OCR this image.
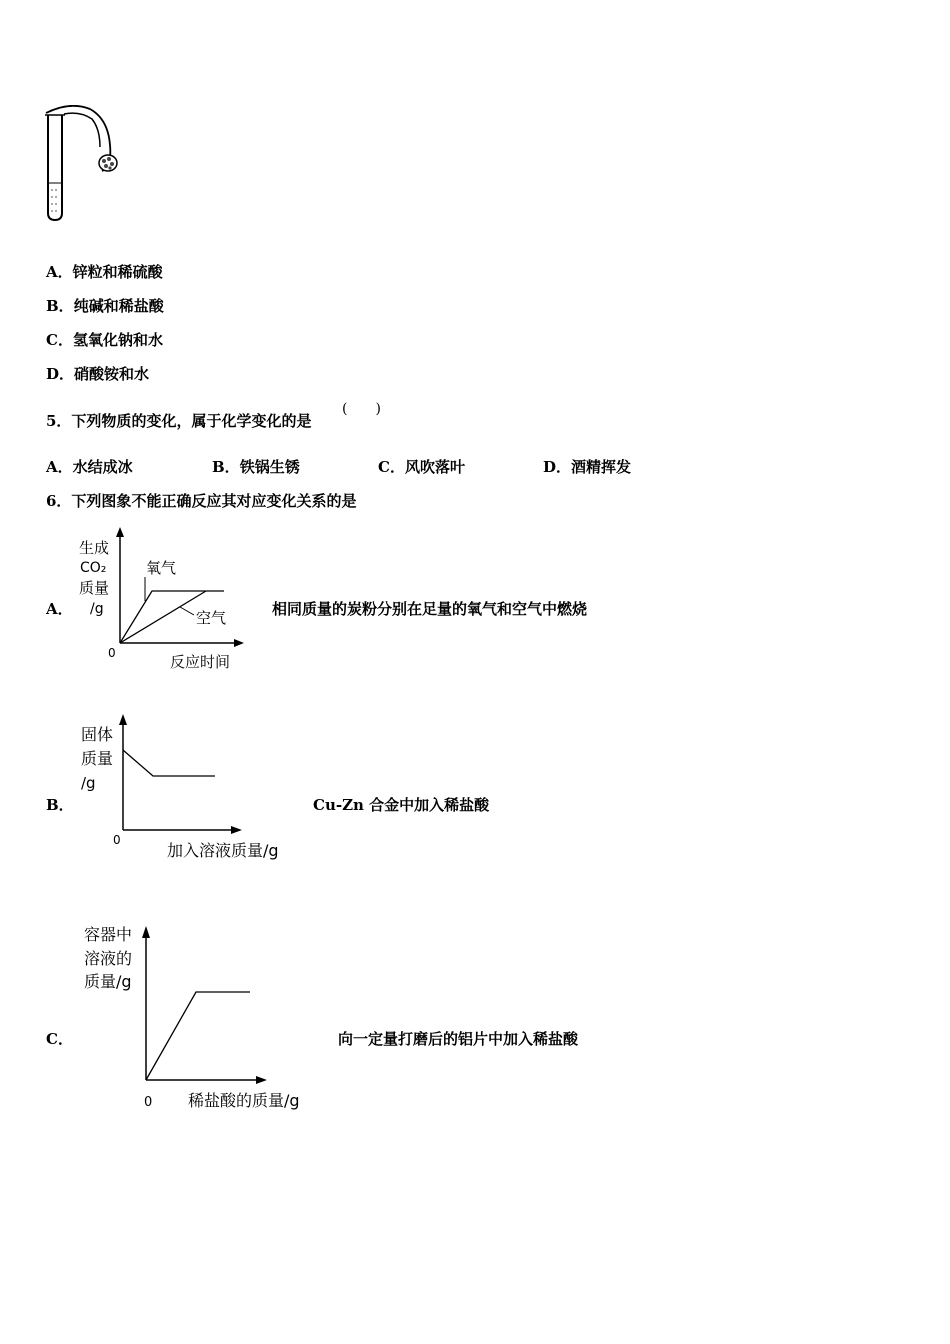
A．锌粒和稀硫酸
B．纯碱和稀盐酸
C．氢氧化钠和水
D．硝酸铵和水
5．下列物质的变化，属于化学变化的是
(　　)
A．水结成冰	B．铁锅生锈	C．风吹落叶	D．酒精挥发
6．下列图象不能正确反应其对应变化关系的是
A．
生成
CO₂
质量
/g
氧气
空气
0	反应时间
相同质量的炭粉分别在足量的氧气和空气中燃烧
B．
固体
质量
/g
0
加入溶液质量/g
Cu-Zn 合金中加入稀盐酸
C．
容器中
溶液的
质量/g
0 稀盐酸的质量/g
向一定量打磨后的铝片中加入稀盐酸
